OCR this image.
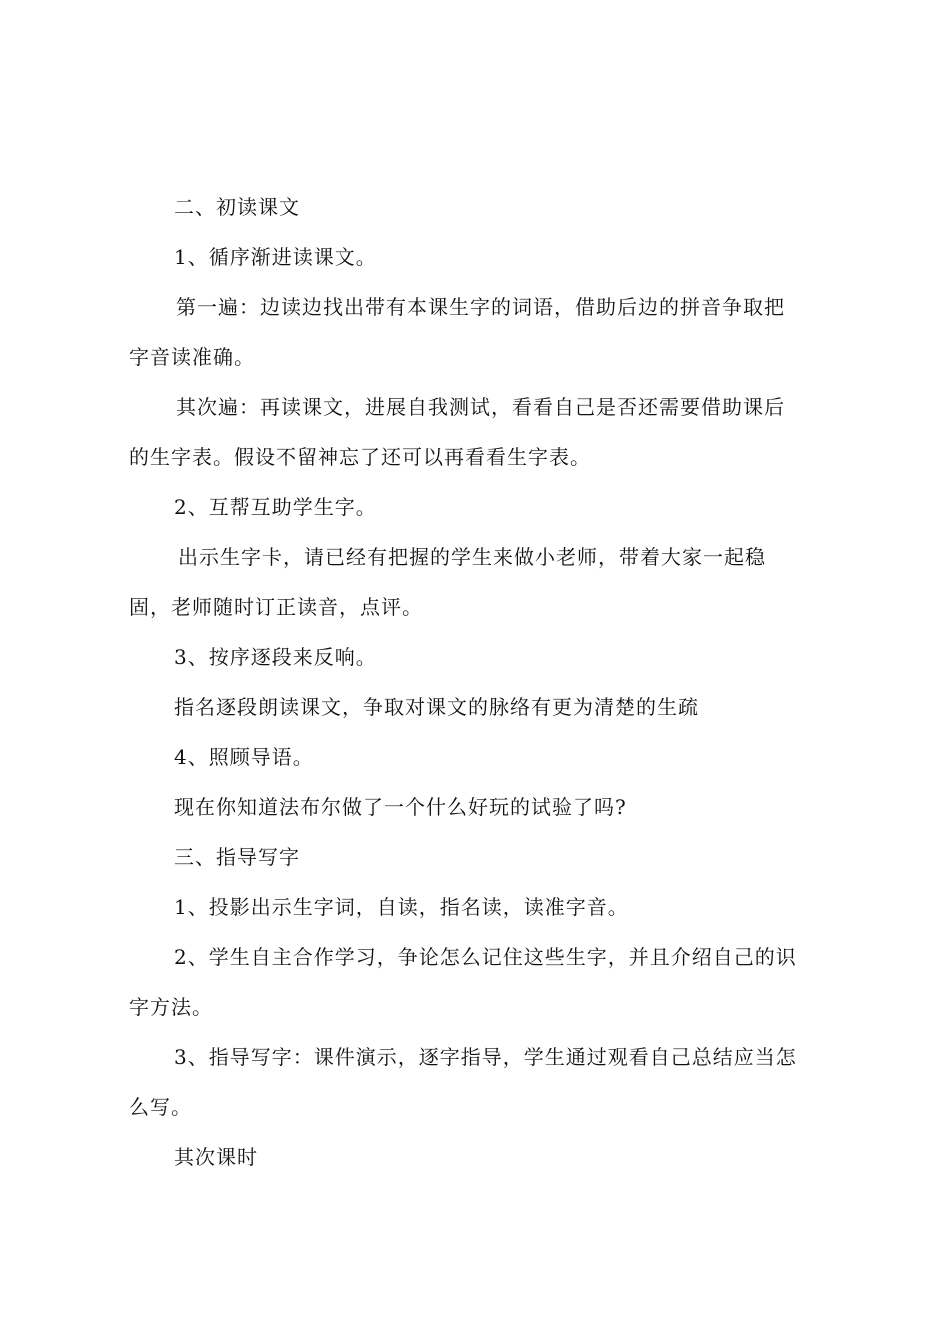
二、初读课文
1、循序渐进读课文。
第一遍：边读边找出带有本课生字的词语，借助后边的拼音争取把
字音读准确。
其次遍：再读课文，进展自我测试，看看自己是否还需要借助课后
的生字表。假设不留神忘了还可以再看看生字表。
2、互帮互助学生字。
出示生字卡，请已经有把握的学生来做小老师，带着大家一起稳
固，老师随时订正读音，点评。
3、按序逐段来反响。
指名逐段朗读课文，争取对课文的脉络有更为清楚的生疏
4、照顾导语。
现在你知道法布尔做了一个什么好玩的试验了吗?
三、指导写字
1、投影出示生字词，自读，指名读，读准字音。
2、学生自主合作学习，争论怎么记住这些生字，并且介绍自己的识
字方法。
3、指导写字：课件演示，逐字指导，学生通过观看自己总结应当怎
么写。
其次课时
